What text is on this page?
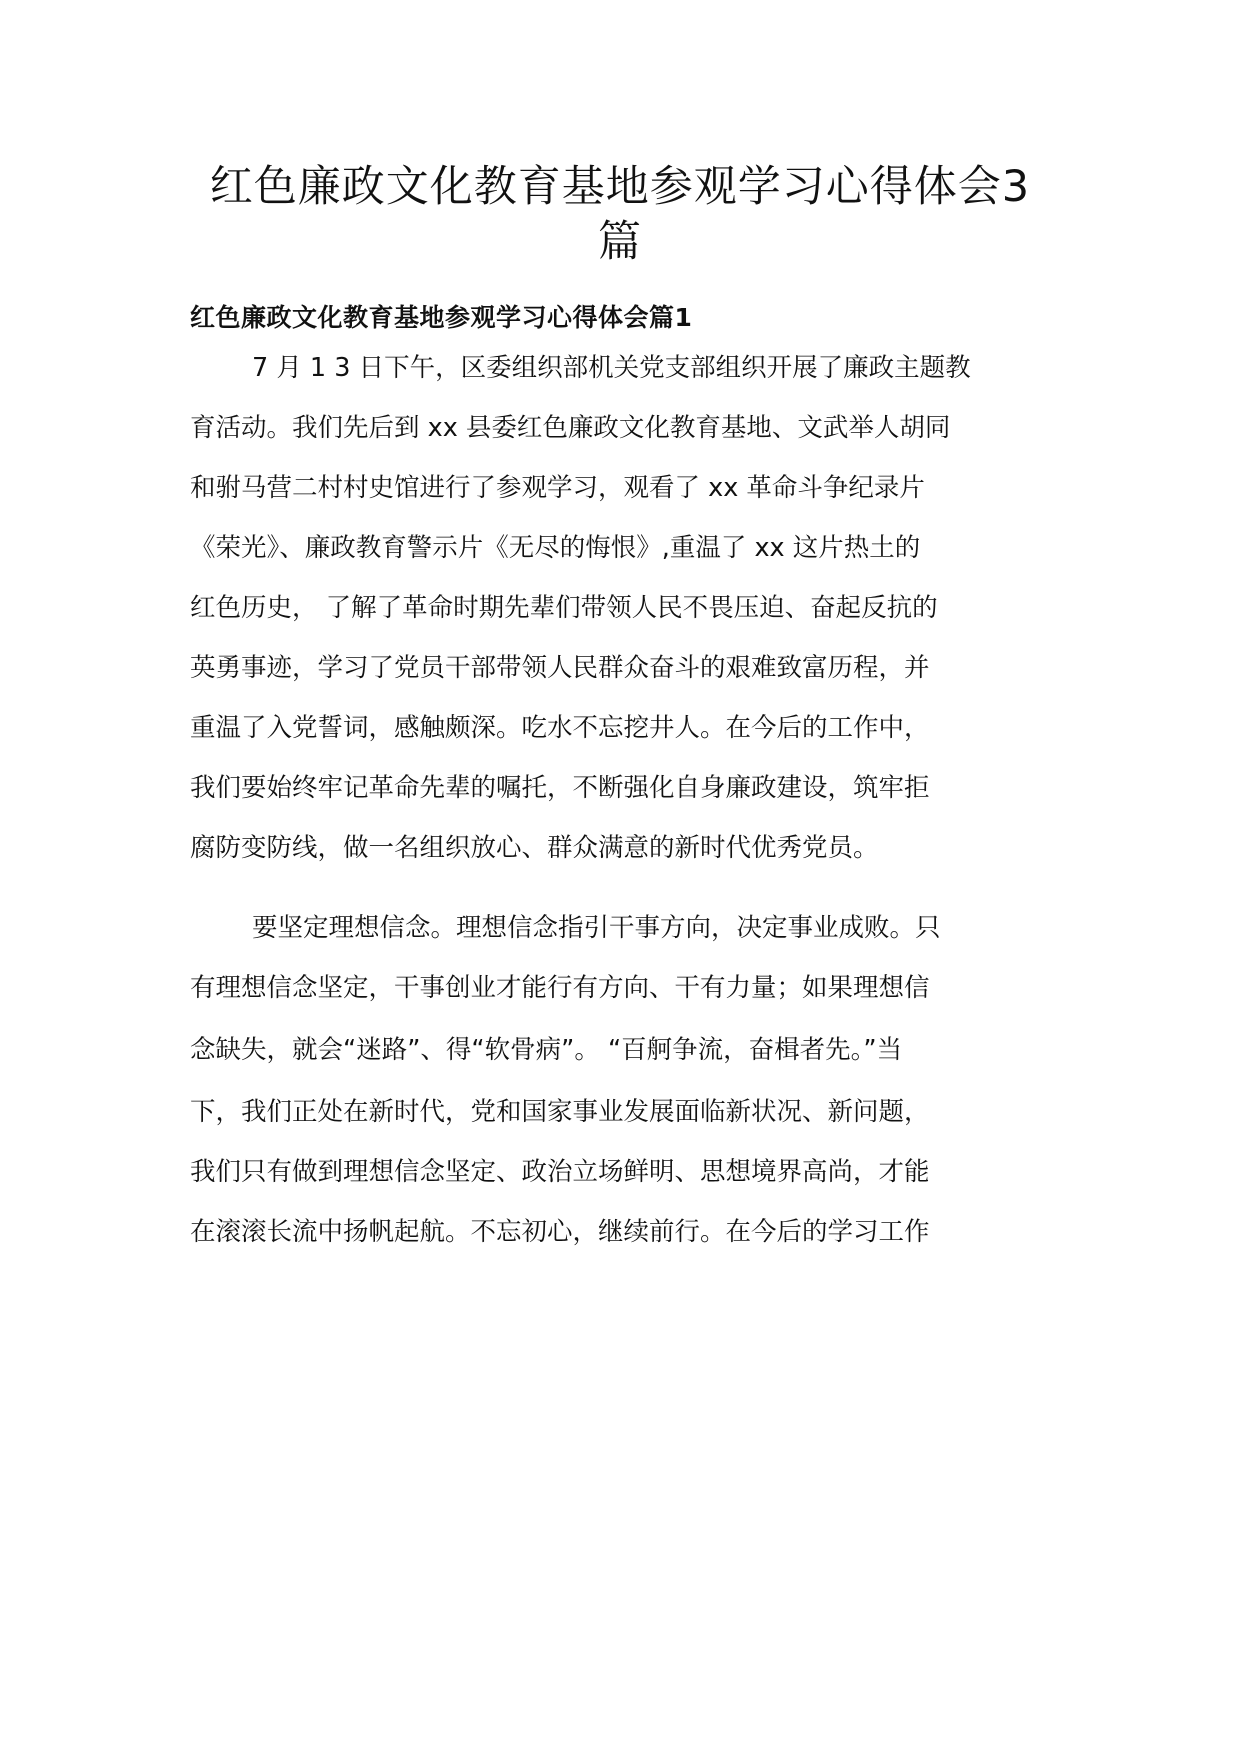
红色廉政文化教育基地参观学习心得体会3
篇
红色廉政文化教育基地参观学习心得体会篇1

7 月 1 3 日下午，区委组织部机关党支部组织开展了廉政主题教

育活动。我们先后到 xx 县委红色廉政文化教育基地、文武举人胡同

和驸马营二村村史馆进行了参观学习，观看了 xx 革命斗争纪录片

《荣光》、廉政教育警示片《无尽的悔恨》,重温了 xx 这片热土的

红色历史， 了解了革命时期先辈们带领人民不畏压迫、奋起反抗的

英勇事迹，学习了党员干部带领人民群众奋斗的艰难致富历程，并

重温了入党誓词，感触颇深。吃水不忘挖井人。在今后的工作中，

我们要始终牢记革命先辈的嘱托，不断强化自身廉政建设，筑牢拒

腐防变防线，做一名组织放心、群众满意的新时代优秀党员。

要坚定理想信念。理想信念指引干事方向，决定事业成败。只

有理想信念坚定，干事创业才能行有方向、干有力量；如果理想信

念缺失，就会“迷路”、得“软骨病”。 “百舸争流，奋楫者先。”当

下，我们正处在新时代，党和国家事业发展面临新状况、新问题，

我们只有做到理想信念坚定、政治立场鲜明、思想境界高尚，才能

在滚滚长流中扬帆起航。不忘初心，继续前行。在今后的学习工作
